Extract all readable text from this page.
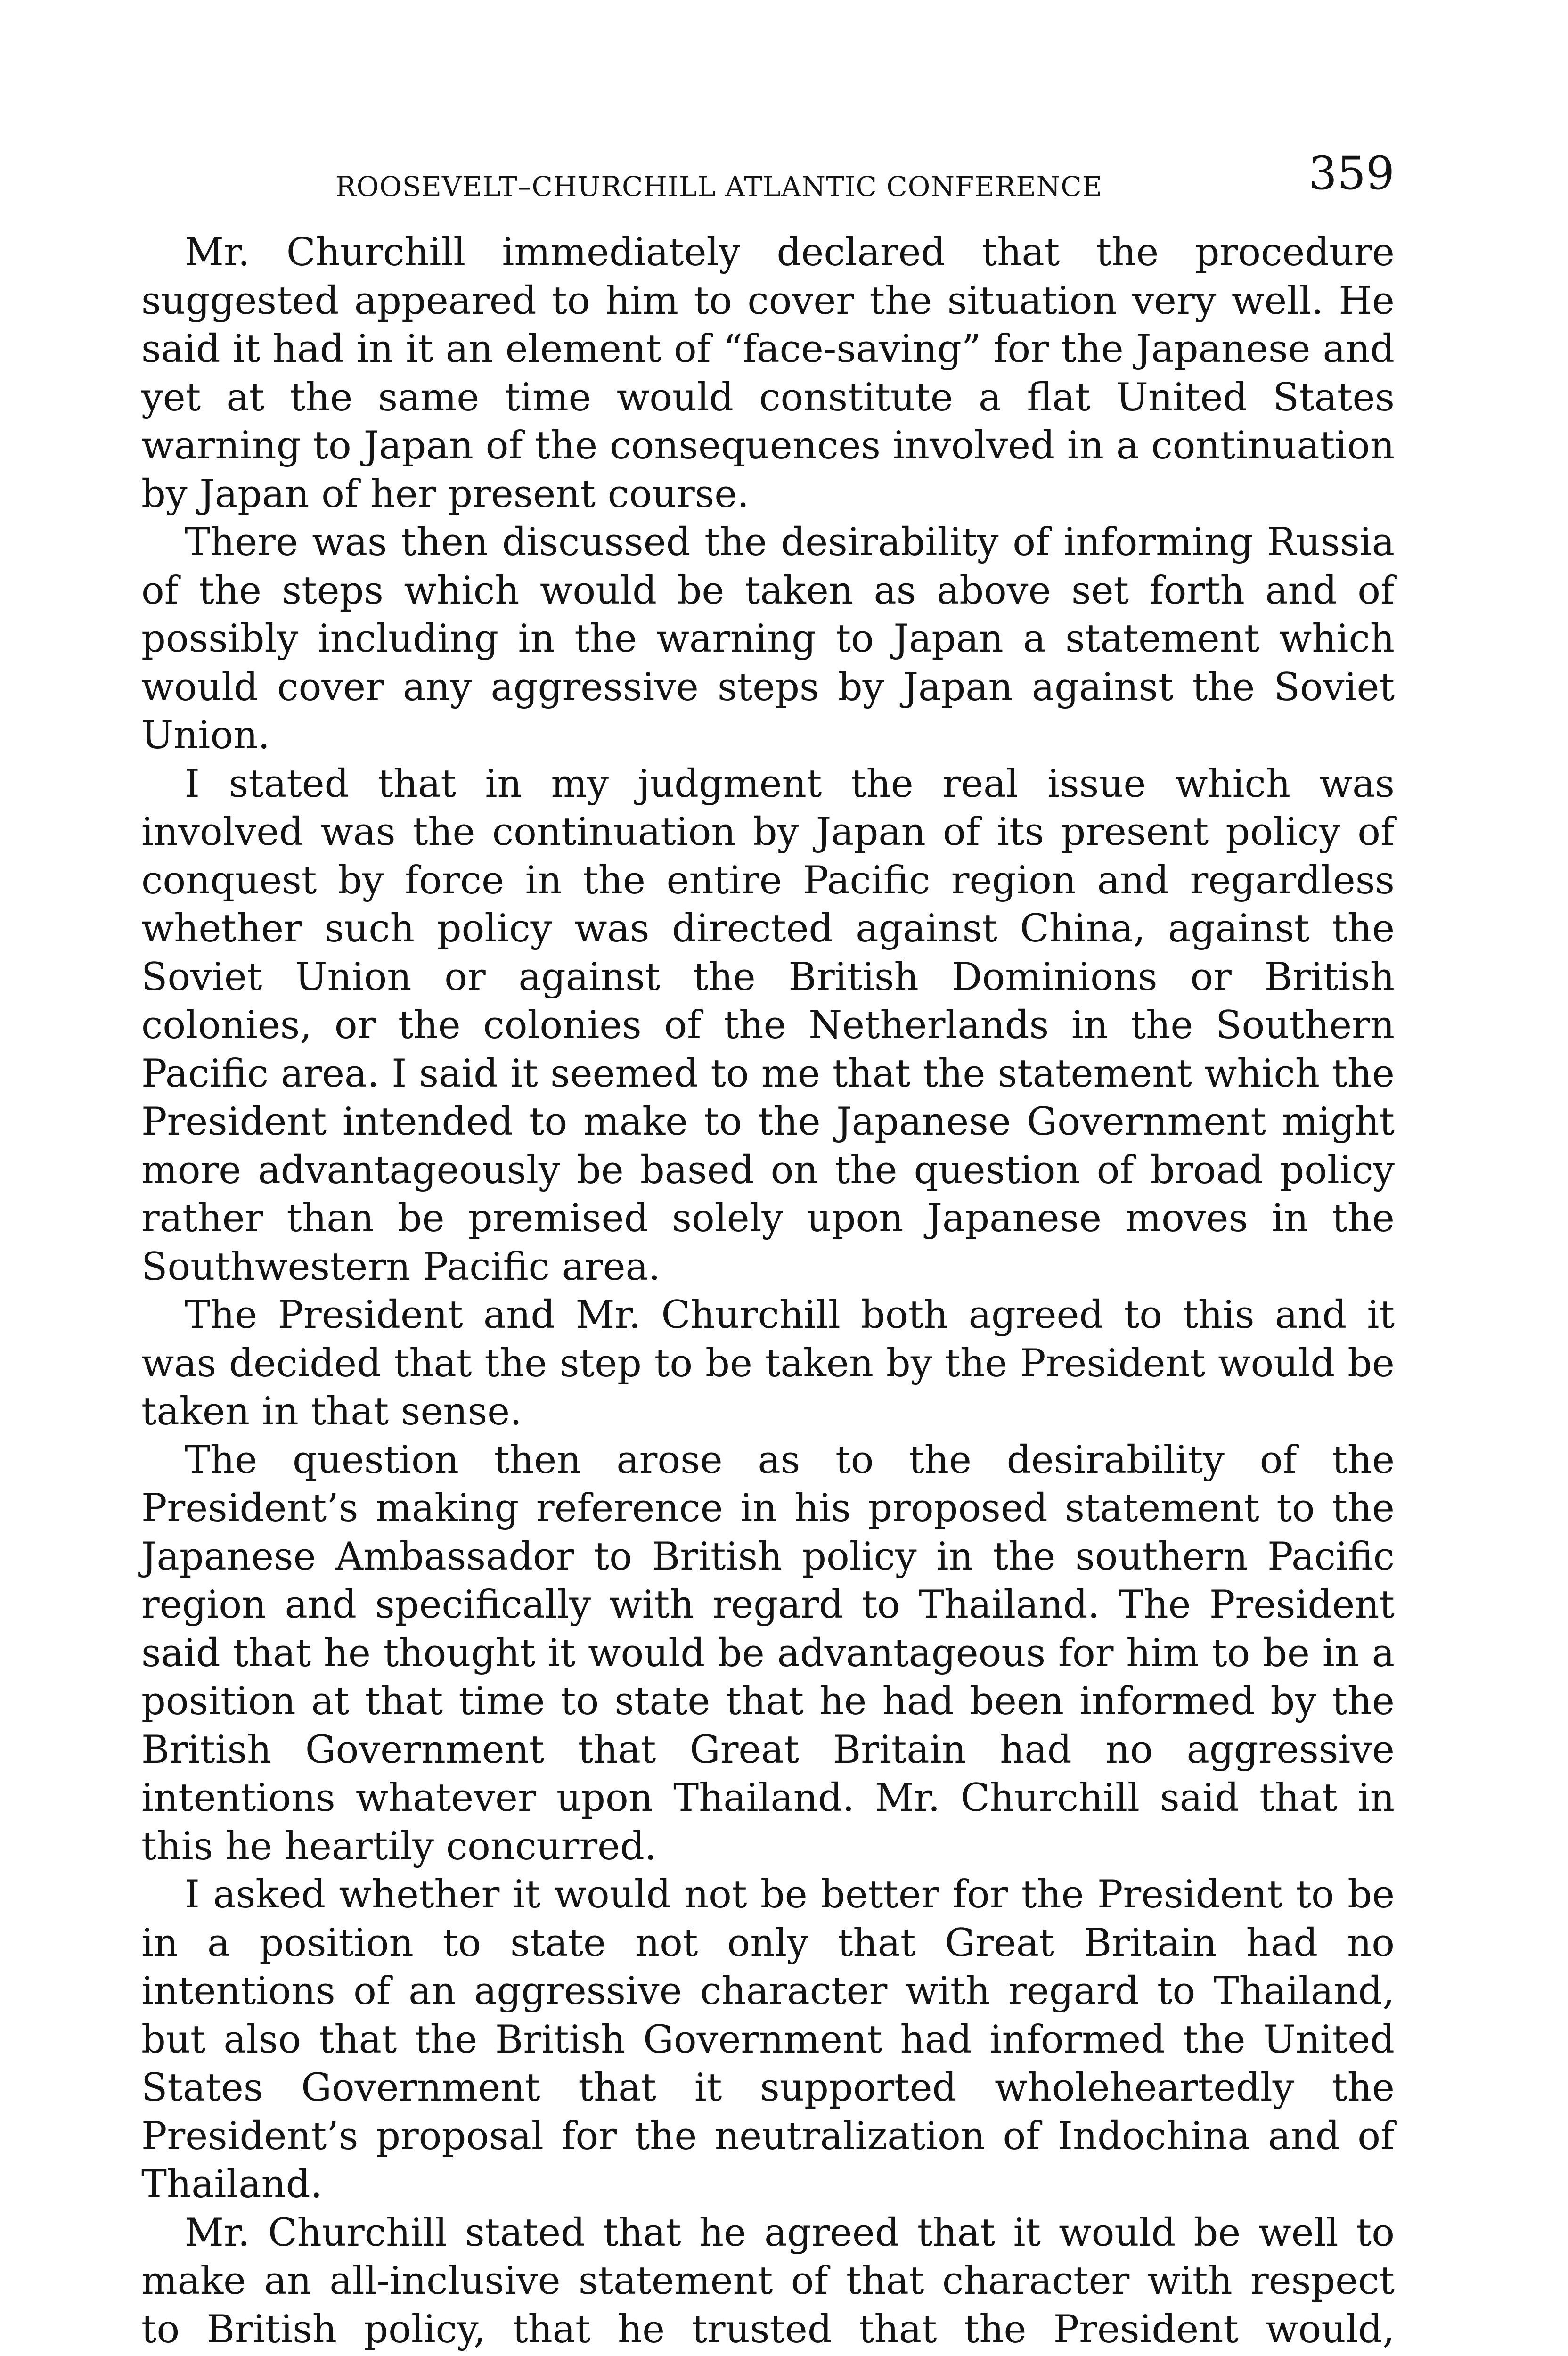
ROOSEVELT–CHURCHILL ATLANTIC CONFERENCE	359

Mr. Churchill immediately declared that the procedure suggested appeared to him to cover the situation very well. He said it had in it an element of “face-saving” for the Japanese and yet at the same time would constitute a flat United States warning to Japan of the consequences involved in a continuation by Japan of her present course.

There was then discussed the desirability of informing Russia of the steps which would be taken as above set forth and of possibly including in the warning to Japan a statement which would cover any aggressive steps by Japan against the Soviet Union.

I stated that in my judgment the real issue which was involved was the continuation by Japan of its present policy of conquest by force in the entire Pacific region and regardless whether such policy was directed against China, against the Soviet Union or against the British Dominions or British colonies, or the colonies of the Netherlands in the Southern Pacific area. I said it seemed to me that the statement which the President intended to make to the Japanese Government might more advantageously be based on the question of broad policy rather than be premised solely upon Japanese moves in the Southwestern Pacific area.

The President and Mr. Churchill both agreed to this and it was decided that the step to be taken by the President would be taken in that sense.

The question then arose as to the desirability of the President’s making reference in his proposed statement to the Japanese Ambassador to British policy in the southern Pacific region and specifically with regard to Thailand. The President said that he thought it would be advantageous for him to be in a position at that time to state that he had been informed by the British Government that Great Britain had no aggressive intentions whatever upon Thailand. Mr. Churchill said that in this he heartily concurred.

I asked whether it would not be better for the President to be in a position to state not only that Great Britain had no intentions of an aggressive character with regard to Thailand, but also that the British Government had informed the United States Government that it supported wholeheartedly the President’s proposal for the neutralization of Indochina and of Thailand.

Mr. Churchill stated that he agreed that it would be well to make an all-inclusive statement of that character with respect to British policy, that he trusted that the President would,
